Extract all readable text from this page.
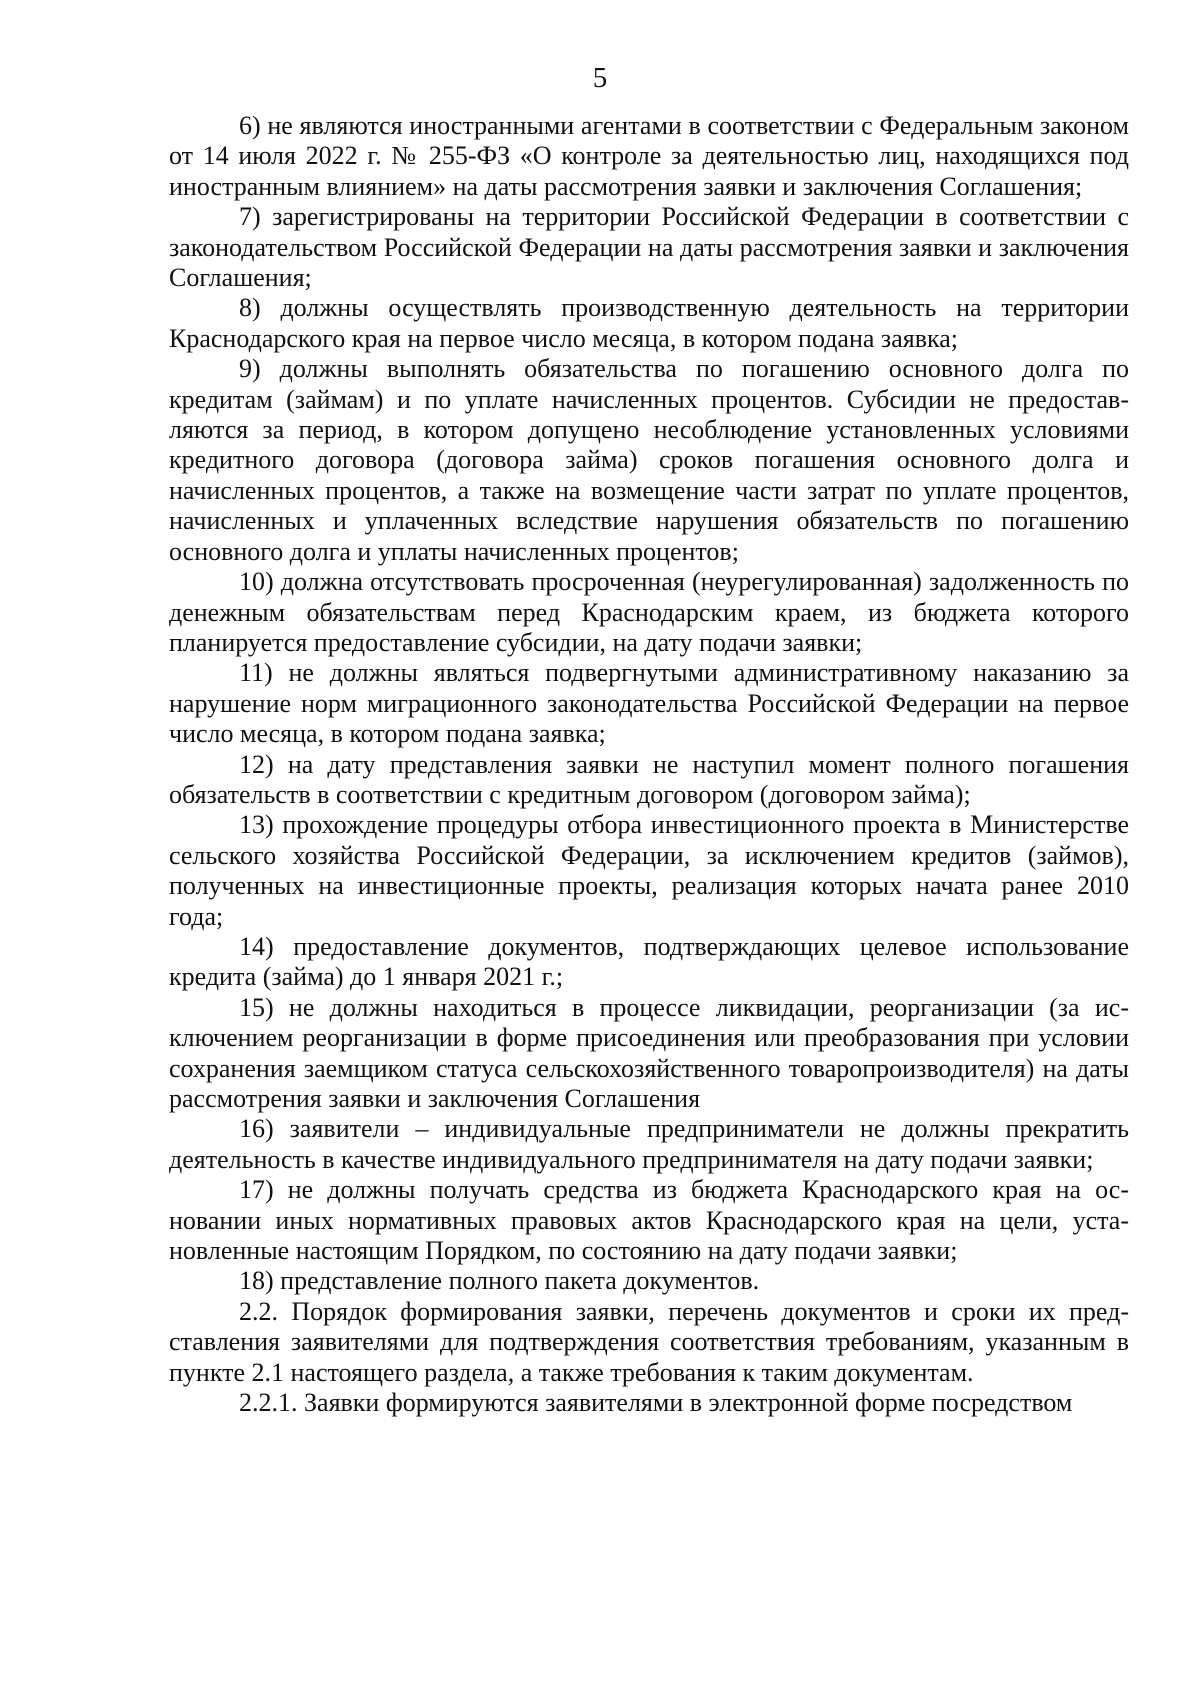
5

6) не являются иностранными агентами в соответствии с Федеральным законом от 14 июля 2022 г. № 255-ФЗ «О контроле за деятельностью лиц, находящихся под иностранным влиянием» на даты рассмотрения заявки и заключения Соглашения;

7) зарегистрированы на территории Российской Федерации в соответствии с законодательством Российской Федерации на даты рассмотрения заявки и заключения Соглашения;

8) должны осуществлять производственную деятельность на территории Краснодарского края на первое число месяца, в котором подана заявка;

9) должны выполнять обязательства по погашению основного долга по кредитам (займам) и по уплате начисленных процентов. Субсидии не предоставляются за период, в котором допущено несоблюдение установленных условиями кредитного договора (договора займа) сроков погашения основного долга и начисленных процентов, а также на возмещение части затрат по уплате процентов, начисленных и уплаченных вследствие нарушения обязательств по погашению основного долга и уплаты начисленных процентов;

10) должна отсутствовать просроченная (неурегулированная) задолженность по денежным обязательствам перед Краснодарским краем, из бюджета которого планируется предоставление субсидии, на дату подачи заявки;

11) не должны являться подвергнутыми административному наказанию за нарушение норм миграционного законодательства Российской Федерации на первое число месяца, в котором подана заявка;

12) на дату представления заявки не наступил момент полного погашения обязательств в соответствии с кредитным договором (договором займа);

13) прохождение процедуры отбора инвестиционного проекта в Министерстве сельского хозяйства Российской Федерации, за исключением кредитов (займов), полученных на инвестиционные проекты, реализация которых начата ранее 2010 года;

14) предоставление документов, подтверждающих целевое использование кредита (займа) до 1 января 2021 г.;

15) не должны находиться в процессе ликвидации, реорганизации (за исключением реорганизации в форме присоединения или преобразования при условии сохранения заемщиком статуса сельскохозяйственного товаропроизводителя) на даты рассмотрения заявки и заключения Соглашения

16) заявители – индивидуальные предприниматели не должны прекратить деятельность в качестве индивидуального предпринимателя на дату подачи заявки;

17) не должны получать средства из бюджета Краснодарского края на основании иных нормативных правовых актов Краснодарского края на цели, установленные настоящим Порядком, по состоянию на дату подачи заявки;

18) представление полного пакета документов.

2.2. Порядок формирования заявки, перечень документов и сроки их представления заявителями для подтверждения соответствия требованиям, указанным в пункте 2.1 настоящего раздела, а также требования к таким документам.

2.2.1. Заявки формируются заявителями в электронной форме посредством
